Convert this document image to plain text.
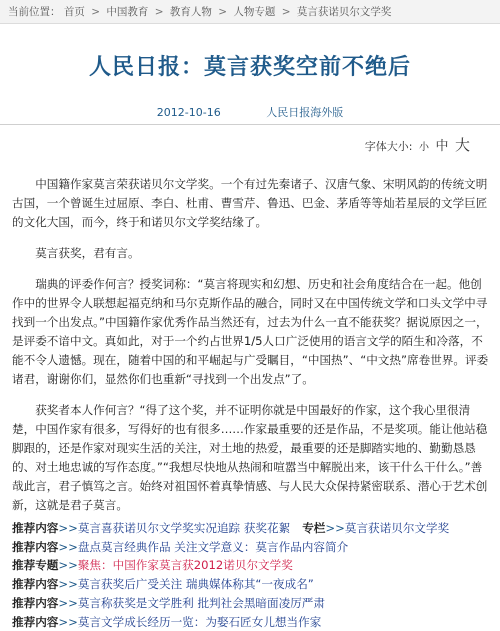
当前位置： 首页 > 中国教育 > 教育人物 > 人物专题 > 莫言获诺贝尔文学奖
人民日报：莫言获奖空前不绝后
2012-10-16	人民日报海外版
字体大小: 小 中 大

中国籍作家莫言荣获诺贝尔文学奖。一个有过先秦诸子、汉唐气象、宋明风韵的传统文明古国，一个曾诞生过屈原、李白、杜甫、曹雪芹、鲁迅、巴金、茅盾等等灿若星辰的文学巨匠的文化大国，而今，终于和诺贝尔文学奖结缘了。

莫言获奖，君有言。

瑞典的评委作何言？授奖词称：“莫言将现实和幻想、历史和社会角度结合在一起。他创作中的世界令人联想起福克纳和马尔克斯作品的融合，同时又在中国传统文学和口头文学中寻找到一个出发点。”中国籍作家优秀作品当然还有，过去为什么一直不能获奖？据说原因之一，是评委不谙中文。真如此，对于一个约占世界1/5人口广泛使用的语言文学的陌生和冷落，不能不令人遗憾。现在，随着中国的和平崛起与广受瞩目，“中国热”、“中文热”席卷世界。评委诸君，谢谢你们，显然你们也重新“寻找到一个出发点”了。

获奖者本人作何言？“得了这个奖，并不证明你就是中国最好的作家，这个我心里很清楚，中国作家有很多，写得好的也有很多……作家最重要的还是作品，不是奖项。能让他站稳脚跟的，还是作家对现实生活的关注，对土地的热爱，最重要的还是脚踏实地的、勤勤恳恳的、对土地忠诚的写作态度。”“我想尽快地从热闹和喧嚣当中解脱出来，该干什么干什么。”善哉此言，君子慎笃之言。始终对祖国怀着真挚情感、与人民大众保持紧密联系、潜心于艺术创新，这就是君子莫言。

推荐内容>>莫言喜获诺贝尔文学奖实况追踪 获奖花絮 专栏>>莫言获诺贝尔文学奖
推荐内容>>盘点莫言经典作品 关注文学意义：莫言作品内容简介
推荐专题>>聚焦：中国作家莫言获2012诺贝尔文学奖
推荐内容>>莫言获奖后广受关注 瑞典媒体称其“一夜成名”
推荐内容>>莫言称获奖是文学胜利 批判社会黑暗面凌厉严肃
推荐内容>>莫言文学成长经历一览：为娶石匠女儿想当作家
